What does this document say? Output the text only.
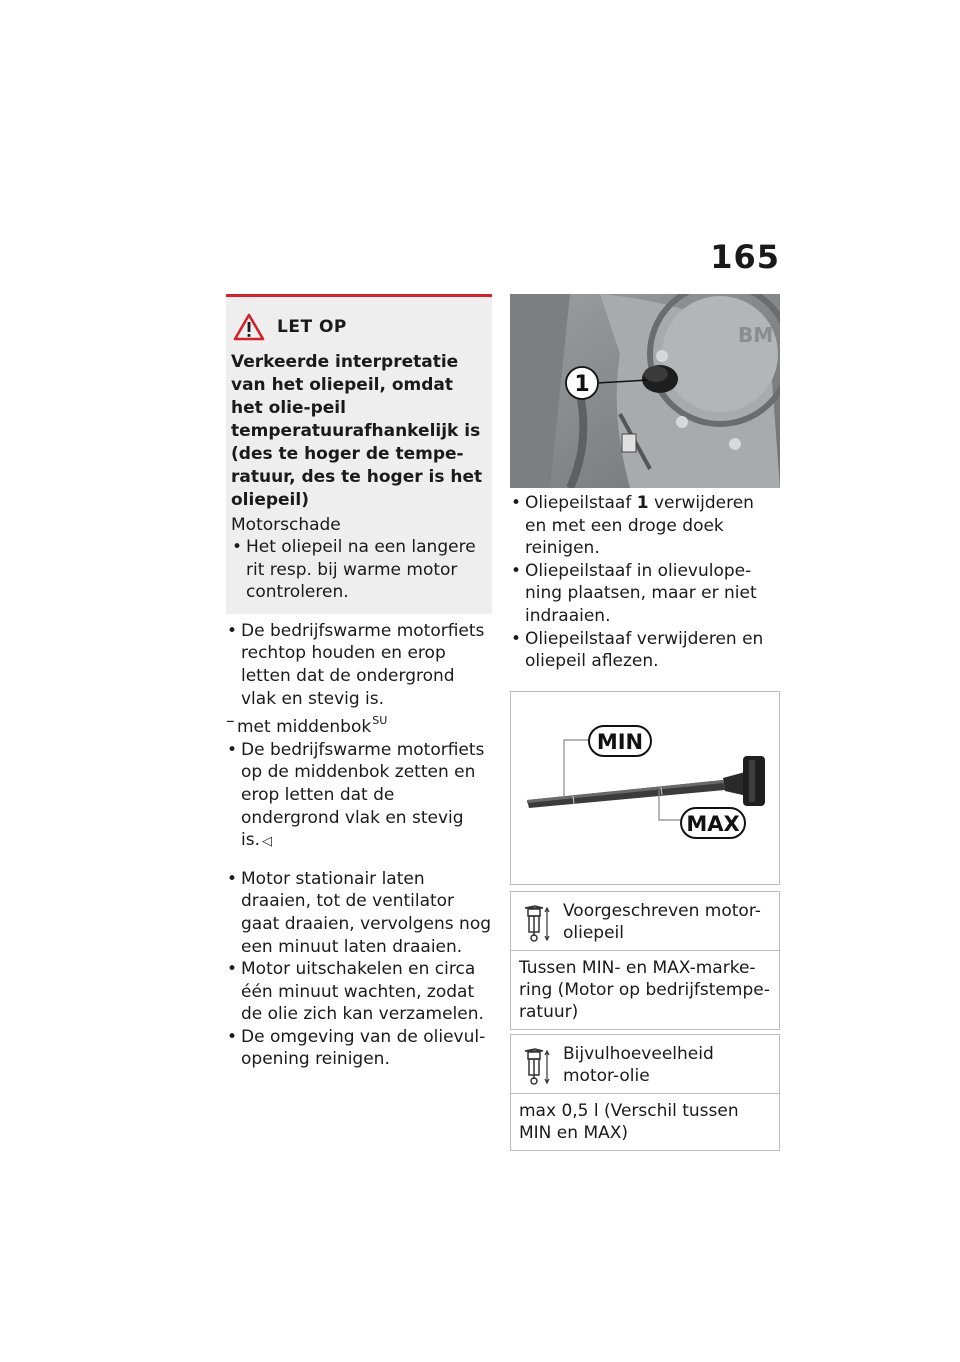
165
LET OP

Verkeerde interpretatie van het oliepeil, omdat het olie-peil temperatuurafhankelijk is (des te hoger de tempe-ratuur, des te hoger is het oliepeil)

Motorschade

• Het oliepeil na een langere rit resp. bij warme motor controleren.
• De bedrijfswarme motorfiets rechtop houden en erop letten dat de ondergrond vlak en stevig is.
– met middenbok$^{SU}$
• De bedrijfswarme motorfiets op de middenbok zetten en erop letten dat de ondergrond vlak en stevig is. ◁
• Motor stationair laten draaien, tot de ventilator gaat draaien, vervolgens nog een minuut laten draaien.
• Motor uitschakelen en circa één minuut wachten, zodat de olie zich kan verzamelen.
• De omgeving van de olievul-opening reinigen.
BM
1
• Oliepeilstaaf 1 verwijderen en met een droge doek reinigen.
• Oliepeilstaaf in olievulope-ning plaatsen, maar er niet indraaien.
• Oliepeilstaaf verwijderen en oliepeil aflezen.
MIN
MAX
Voorgeschreven motor-oliepeil
Tussen MIN- en MAX-marke-ring (Motor op bedrijfstempe-ratuur)
Bijvulhoeveelheid motor-olie
max 0,5 l (Verschil tussen MIN en MAX)
